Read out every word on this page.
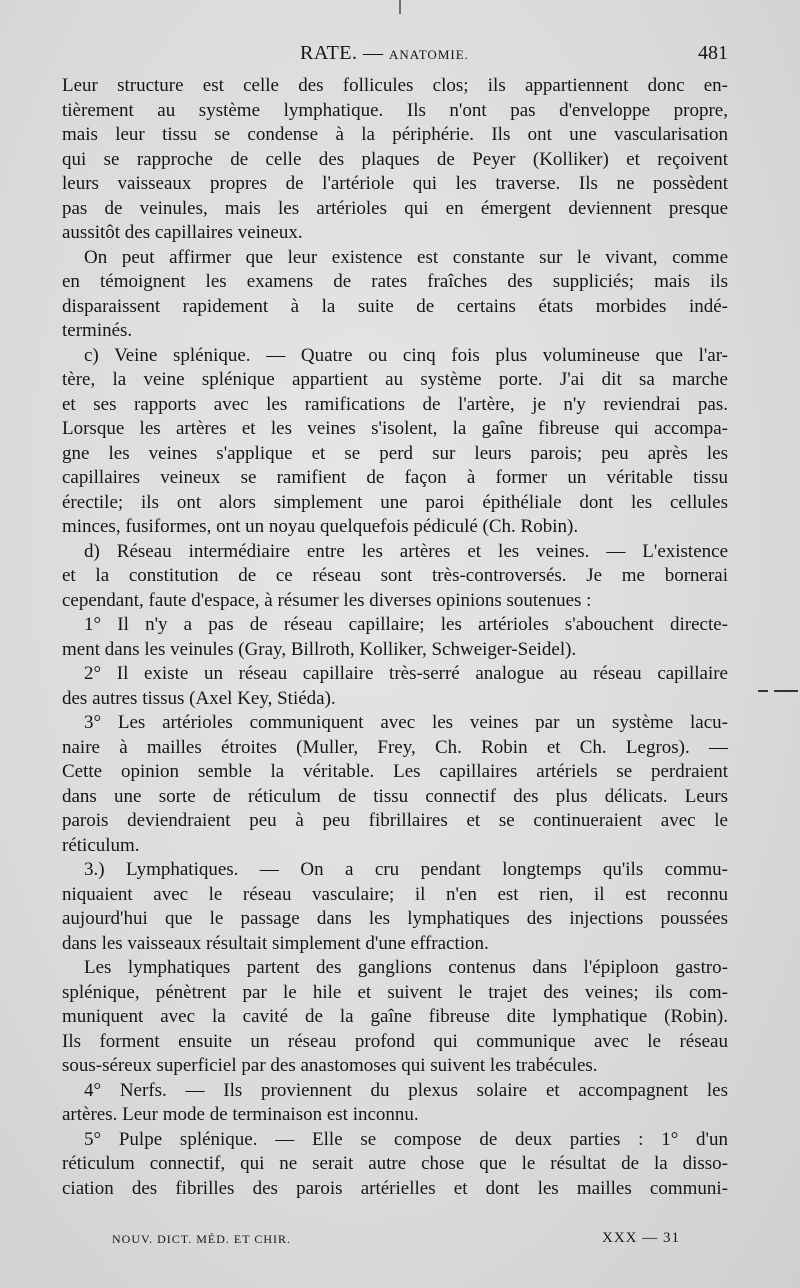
RATE. — ANATOMIE.	481
Leur structure est celle des follicules clos; ils appartiennent donc en-
tièrement au système lymphatique. Ils n'ont pas d'enveloppe propre,
mais leur tissu se condense à la périphérie. Ils ont une vascularisation
qui se rapproche de celle des plaques de Peyer (Kolliker) et reçoivent
leurs vaisseaux propres de l'artériole qui les traverse. Ils ne possèdent
pas de veinules, mais les artérioles qui en émergent deviennent presque
aussitôt des capillaires veineux.
On peut affirmer que leur existence est constante sur le vivant, comme
en témoignent les examens de rates fraîches des suppliciés; mais ils
disparaissent rapidement à la suite de certains états morbides indé-
terminés.
c) Veine splénique. — Quatre ou cinq fois plus volumineuse que l'ar-
tère, la veine splénique appartient au système porte. J'ai dit sa marche
et ses rapports avec les ramifications de l'artère, je n'y reviendrai pas.
Lorsque les artères et les veines s'isolent, la gaîne fibreuse qui accompa-
gne les veines s'applique et se perd sur leurs parois; peu après les
capillaires veineux se ramifient de façon à former un véritable tissu
érectile; ils ont alors simplement une paroi épithéliale dont les cellules
minces, fusiformes, ont un noyau quelquefois pédiculé (Ch. Robin).
d) Réseau intermédiaire entre les artères et les veines. — L'existence
et la constitution de ce réseau sont très-controversés. Je me bornerai
cependant, faute d'espace, à résumer les diverses opinions soutenues :
1° Il n'y a pas de réseau capillaire; les artérioles s'abouchent directe-
ment dans les veinules (Gray, Billroth, Kolliker, Schweiger-Seidel).
2° Il existe un réseau capillaire très-serré analogue au réseau capillaire
des autres tissus (Axel Key, Stiéda).
3° Les artérioles communiquent avec les veines par un système lacu-
naire à mailles étroites (Muller, Frey, Ch. Robin et Ch. Legros). —
Cette opinion semble la véritable. Les capillaires artériels se perdraient
dans une sorte de réticulum de tissu connectif des plus délicats. Leurs
parois deviendraient peu à peu fibrillaires et se continueraient avec le
réticulum.
3.) Lymphatiques. — On a cru pendant longtemps qu'ils commu-
niquaient avec le réseau vasculaire; il n'en est rien, il est reconnu
aujourd'hui que le passage dans les lymphatiques des injections poussées
dans les vaisseaux résultait simplement d'une effraction.
Les lymphatiques partent des ganglions contenus dans l'épiploon gastro-
splénique, pénètrent par le hile et suivent le trajet des veines; ils com-
muniquent avec la cavité de la gaîne fibreuse dite lymphatique (Robin).
Ils forment ensuite un réseau profond qui communique avec le réseau
sous-séreux superficiel par des anastomoses qui suivent les trabécules.
4° Nerfs. — Ils proviennent du plexus solaire et accompagnent les
artères. Leur mode de terminaison est inconnu.
5° Pulpe splénique. — Elle se compose de deux parties : 1° d'un
réticulum connectif, qui ne serait autre chose que le résultat de la disso-
ciation des fibrilles des parois artérielles et dont les mailles communi-
NOUV. DICT. MÉD. ET CHIR.	XXX — 31
